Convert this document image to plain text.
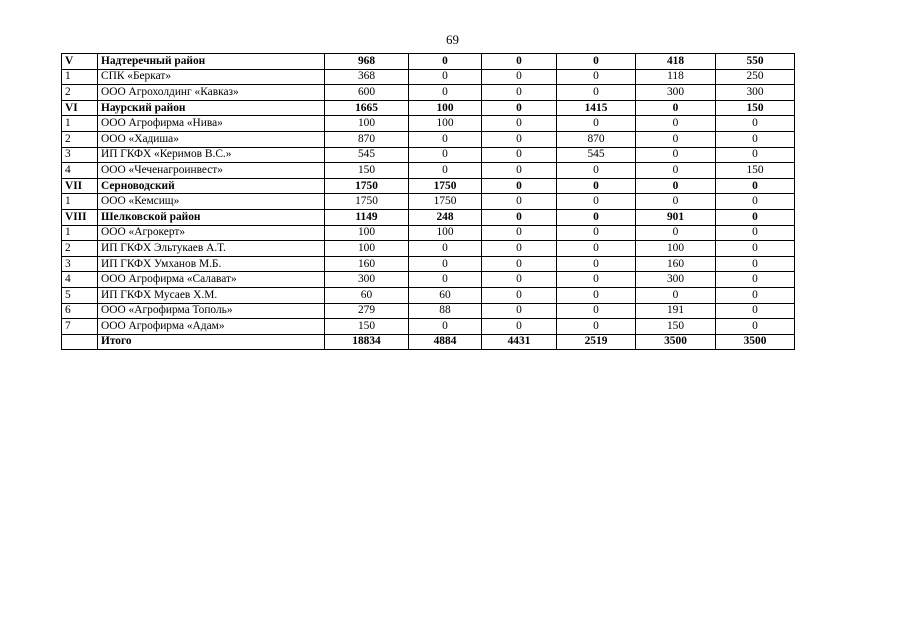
69
V	Надтеречный район	968	0	0	0	418	550
1	СПК «Беркат»	368	0	0	0	118	250
2	ООО Агрохолдинг «Кавказ»	600	0	0	0	300	300
VI	Наурский район	1665	100	0	1415	0	150
1	ООО Агрофирма «Нива»	100	100	0	0	0	0
2	ООО «Хадиша»	870	0	0	870	0	0
3	ИП ГКФХ «Керимов В.С.»	545	0	0	545	0	0
4	ООО «Чеченагроинвест»	150	0	0	0	0	150
VII	Серноводский	1750	1750	0	0	0	0
1	ООО «Кемсищ»	1750	1750	0	0	0	0
VIII	Шелковской район	1149	248	0	0	901	0
1	ООО «Агрокерт»	100	100	0	0	0	0
2	ИП ГКФХ Эльтукаев А.Т.	100	0	0	0	100	0
3	ИП ГКФХ Умханов М.Б.	160	0	0	0	160	0
4	ООО Агрофирма «Салават»	300	0	0	0	300	0
5	ИП ГКФХ Мусаев Х.М.	60	60	0	0	0	0
6	ООО «Агрофирма Тополь»	279	88	0	0	191	0
7	ООО Агрофирма «Адам»	150	0	0	0	150	0
	Итого	18834	4884	4431	2519	3500	3500
